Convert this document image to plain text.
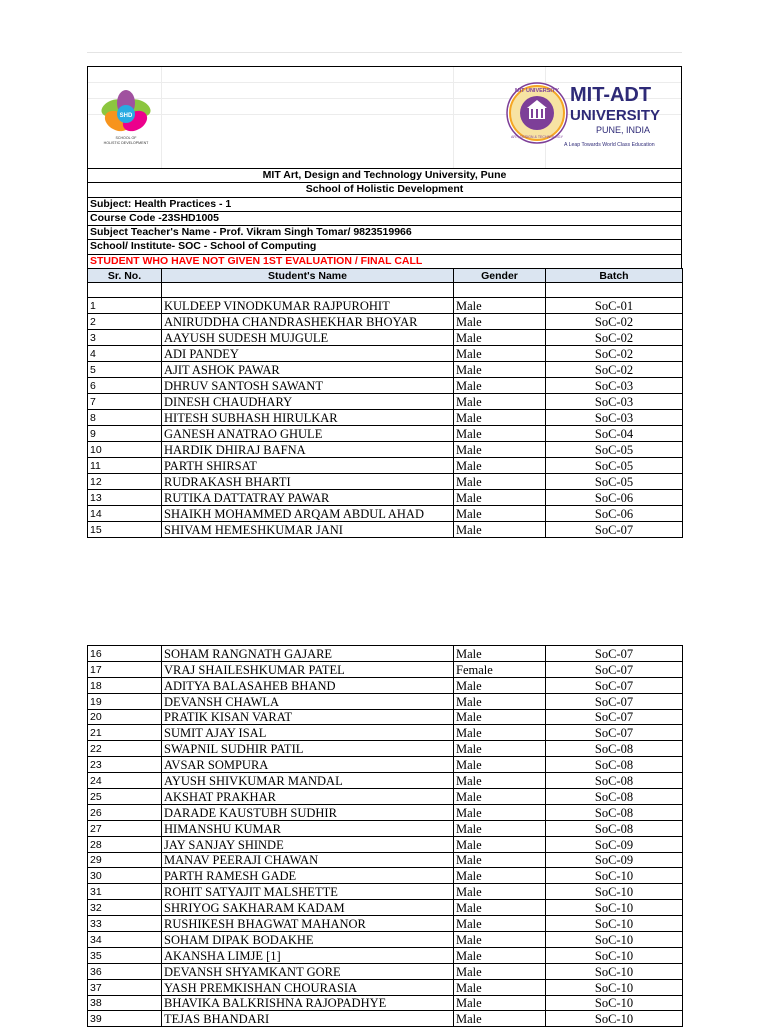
SHD
SCHOOL OF
HOLISTIC DEVELOPMENT
MIT UNIVERSITY
ART, DESIGN & TECHNOLOGY
MIT-ADT
UNIVERSITY
PUNE, INDIA
A Leap Towards World Class Education
MIT Art, Design and Technology University, Pune
School of Holistic Development
Subject: Health Practices - 1
Course Code -23SHD1005
Subject Teacher's Name - Prof. Vikram Singh Tomar/ 9823519966
School/ Institute- SOC - School of Computing
STUDENT WHO HAVE NOT GIVEN 1ST EVALUATION / FINAL CALL
Sr. No.	Student's Name	Gender	Batch

1	KULDEEP VINODKUMAR RAJPUROHIT	Male	SoC-01
2	ANIRUDDHA CHANDRASHEKHAR BHOYAR	Male	SoC-02
3	AAYUSH SUDESH MUJGULE	Male	SoC-02
4	ADI PANDEY	Male	SoC-02
5	AJIT ASHOK PAWAR	Male	SoC-02
6	DHRUV SANTOSH SAWANT	Male	SoC-03
7	DINESH CHAUDHARY	Male	SoC-03
8	HITESH SUBHASH HIRULKAR	Male	SoC-03
9	GANESH ANATRAO GHULE	Male	SoC-04
10	HARDIK DHIRAJ BAFNA	Male	SoC-05
11	PARTH SHIRSAT	Male	SoC-05
12	RUDRAKASH BHARTI	Male	SoC-05
13	RUTIKA DATTATRAY PAWAR	Male	SoC-06
14	SHAIKH MOHAMMED ARQAM ABDUL AHAD	Male	SoC-06
15	SHIVAM HEMESHKUMAR JANI	Male	SoC-07
16	SOHAM RANGNATH GAJARE	Male	SoC-07
17	VRAJ SHAILESHKUMAR PATEL	Female	SoC-07
18	ADITYA BALASAHEB BHAND	Male	SoC-07
19	DEVANSH CHAWLA	Male	SoC-07
20	PRATIK KISAN VARAT	Male	SoC-07
21	SUMIT AJAY ISAL	Male	SoC-07
22	SWAPNIL SUDHIR PATIL	Male	SoC-08
23	AVSAR SOMPURA	Male	SoC-08
24	AYUSH SHIVKUMAR MANDAL	Male	SoC-08
25	AKSHAT PRAKHAR	Male	SoC-08
26	DARADE KAUSTUBH SUDHIR	Male	SoC-08
27	HIMANSHU KUMAR	Male	SoC-08
28	JAY SANJAY SHINDE	Male	SoC-09
29	MANAV PEERAJI CHAWAN	Male	SoC-09
30	PARTH RAMESH GADE	Male	SoC-10
31	ROHIT SATYAJIT MALSHETTE	Male	SoC-10
32	SHRIYOG SAKHARAM KADAM	Male	SoC-10
33	RUSHIKESH BHAGWAT MAHANOR	Male	SoC-10
34	SOHAM DIPAK BODAKHE	Male	SoC-10
35	AKANSHA LIMJE [1]	Male	SoC-10
36	DEVANSH SHYAMKANT GORE	Male	SoC-10
37	YASH PREMKISHAN CHOURASIA	Male	SoC-10
38	BHAVIKA BALKRISHNA RAJOPADHYE	Male	SoC-10
39	TEJAS BHANDARI	Male	SoC-10
